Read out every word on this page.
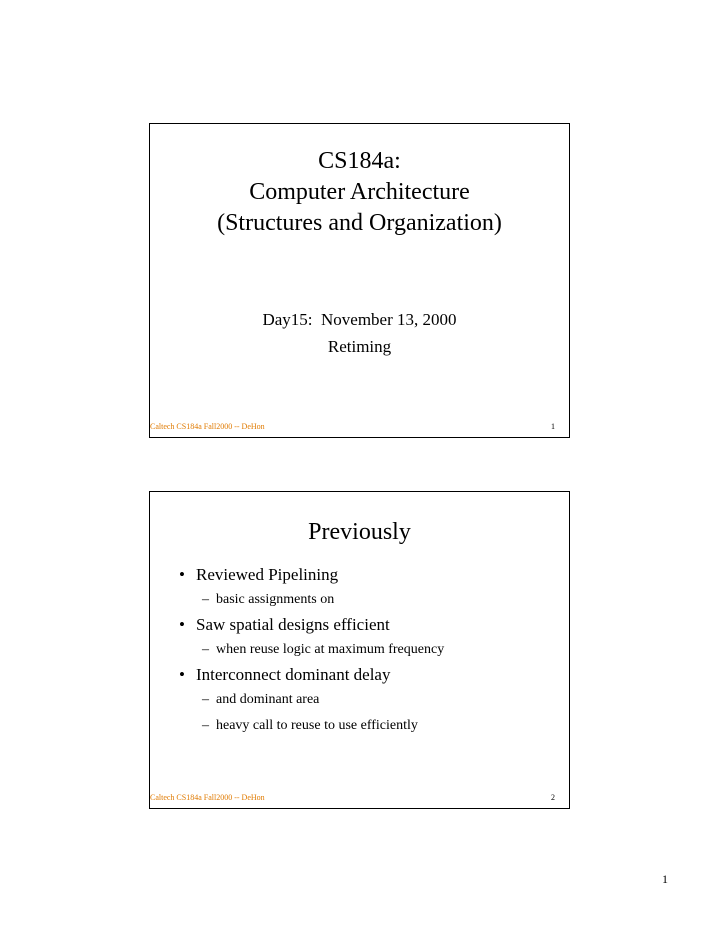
CS184a:
Computer Architecture
(Structures and Organization)
Day15:  November 13, 2000
Retiming
Caltech CS184a Fall2000 -- DeHon	1
Previously
• Reviewed Pipelining
– basic assignments on
• Saw spatial designs efficient
– when reuse logic at maximum frequency
• Interconnect dominant delay
– and dominant area
– heavy call to reuse to use efficiently
Caltech CS184a Fall2000 -- DeHon	2
1
